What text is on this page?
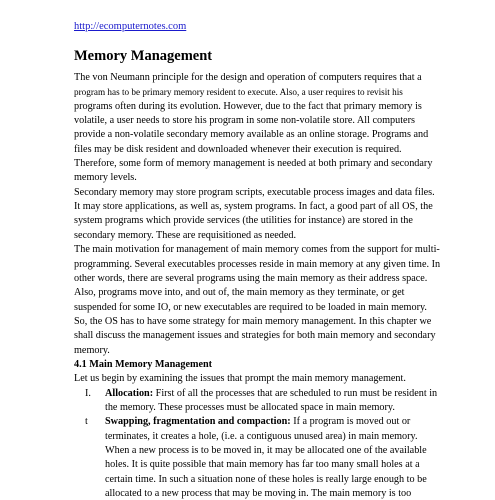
http://ecomputernotes.com
Memory Management
The von Neumann principle for the design and operation of computers requires that a
program has to be primary memory resident to execute. Also, a user requires to revisit his
programs often during its evolution. However, due to the fact that primary memory is
volatile, a user needs to store his program in some non-volatile store. All computers
provide a non-volatile secondary memory available as an online storage. Programs and
files may be disk resident and downloaded whenever their execution is required.
Therefore, some form of memory management is needed at both primary and secondary
memory levels.
Secondary memory may store program scripts, executable process images and data files.
It may store applications, as well as, system programs. In fact, a good part of all OS, the
system programs which provide services (the utilities for instance) are stored in the
secondary memory. These are requisitioned as needed.
The main motivation for management of main memory comes from the support for multi-
programming. Several executables processes reside in main memory at any given time. In
other words, there are several programs using the main memory as their address space.
Also, programs move into, and out of, the main memory as they terminate, or get
suspended for some IO, or new executables are required to be loaded in main memory.
So, the OS has to have some strategy for main memory management. In this chapter we
shall discuss the management issues and strategies for both main memory and secondary
memory.
4.1 Main Memory Management
Let us begin by examining the issues that prompt the main memory management.
I. Allocation: First of all the processes that are scheduled to run must be resident in
the memory. These processes must be allocated space in main memory.
t Swapping, fragmentation and compaction: If a program is moved out or
terminates, it creates a hole, (i.e. a contiguous unused area) in main memory.
When a new process is to be moved in, it may be allocated one of the available
holes. It is quite possible that main memory has far too many small holes at a
certain time. In such a situation none of these holes is really large enough to be
allocated to a new process that may be moving in. The main memory is too
